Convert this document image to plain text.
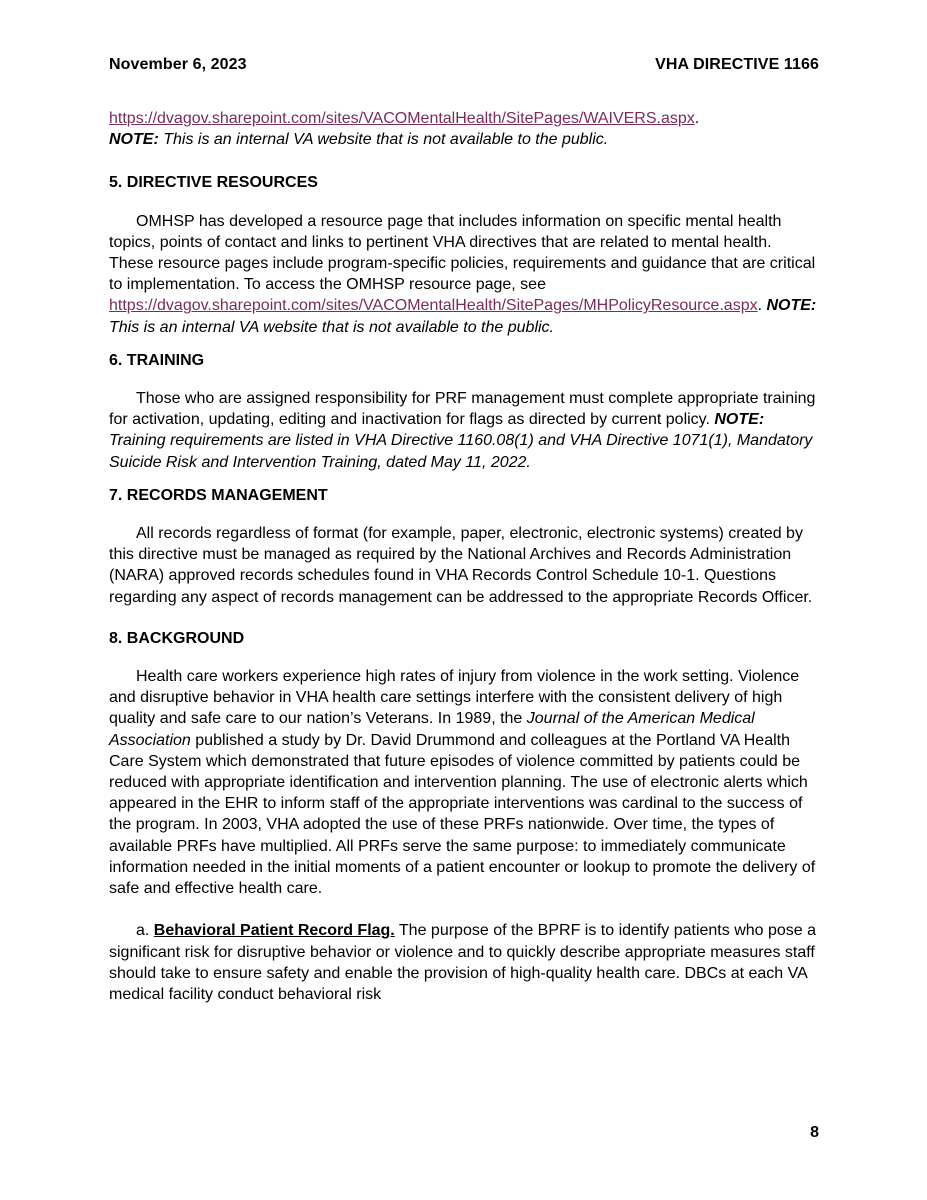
November 6, 2023	VHA DIRECTIVE 1166

https://dvagov.sharepoint.com/sites/VACOMentalHealth/SitePages/WAIVERS.aspx.
NOTE: This is an internal VA website that is not available to the public.

5. DIRECTIVE RESOURCES

OMHSP has developed a resource page that includes information on specific mental health topics, points of contact and links to pertinent VHA directives that are related to mental health. These resource pages include program-specific policies, requirements and guidance that are critical to implementation. To access the OMHSP resource page, see https://dvagov.sharepoint.com/sites/VACOMentalHealth/SitePages/MHPolicyResource.aspx. NOTE: This is an internal VA website that is not available to the public.

6. TRAINING

Those who are assigned responsibility for PRF management must complete appropriate training for activation, updating, editing and inactivation for flags as directed by current policy. NOTE: Training requirements are listed in VHA Directive 1160.08(1) and VHA Directive 1071(1), Mandatory Suicide Risk and Intervention Training, dated May 11, 2022.

7. RECORDS MANAGEMENT

All records regardless of format (for example, paper, electronic, electronic systems) created by this directive must be managed as required by the National Archives and Records Administration (NARA) approved records schedules found in VHA Records Control Schedule 10-1. Questions regarding any aspect of records management can be addressed to the appropriate Records Officer.

8. BACKGROUND

Health care workers experience high rates of injury from violence in the work setting. Violence and disruptive behavior in VHA health care settings interfere with the consistent delivery of high quality and safe care to our nation’s Veterans. In 1989, the Journal of the American Medical Association published a study by Dr. David Drummond and colleagues at the Portland VA Health Care System which demonstrated that future episodes of violence committed by patients could be reduced with appropriate identification and intervention planning. The use of electronic alerts which appeared in the EHR to inform staff of the appropriate interventions was cardinal to the success of the program. In 2003, VHA adopted the use of these PRFs nationwide. Over time, the types of available PRFs have multiplied. All PRFs serve the same purpose: to immediately communicate information needed in the initial moments of a patient encounter or lookup to promote the delivery of safe and effective health care.

a. Behavioral Patient Record Flag. The purpose of the BPRF is to identify patients who pose a significant risk for disruptive behavior or violence and to quickly describe appropriate measures staff should take to ensure safety and enable the provision of high-quality health care. DBCs at each VA medical facility conduct behavioral risk

8
